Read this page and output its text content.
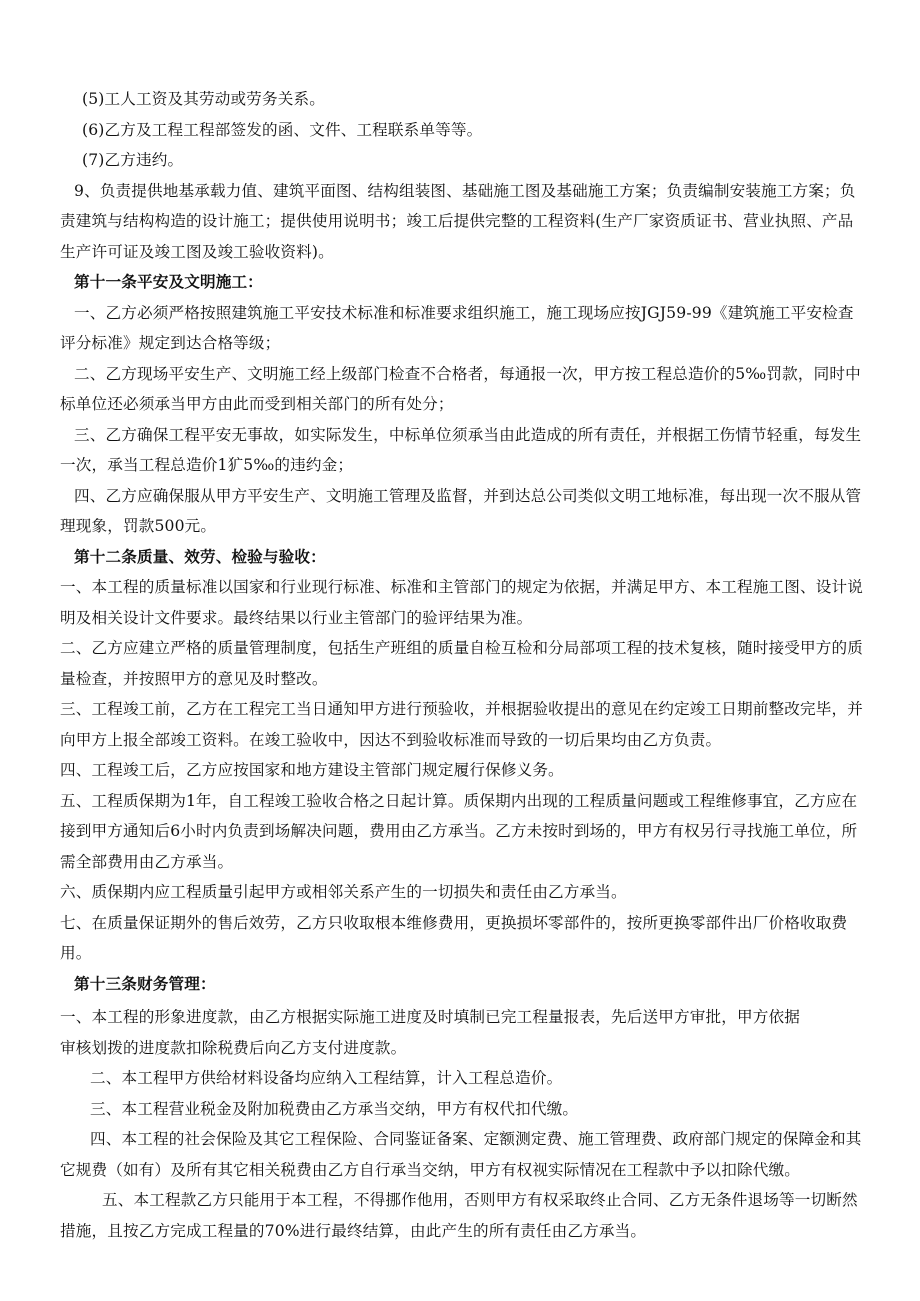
(5)工人工资及其劳动或劳务关系。

(6)乙方及工程工程部签发的函、文件、工程联系单等等。

(7)乙方违约。

9、负责提供地基承载力值、建筑平面图、结构组装图、基础施工图及基础施工方案；负责编制安装施工方案；负责建筑与结构构造的设计施工；提供使用说明书；竣工后提供完整的工程资料(生产厂家资质证书、营业执照、产品生产许可证及竣工图及竣工验收资料)。

第十一条平安及文明施工：

一、乙方必须严格按照建筑施工平安技术标准和标准要求组织施工，施工现场应按JGJ59-99《建筑施工平安检查评分标准》规定到达合格等级；

二、乙方现场平安生产、文明施工经上级部门检查不合格者，每通报一次，甲方按工程总造价的5‰罚款，同时中标单位还必须承当甲方由此而受到相关部门的所有处分；

三、乙方确保工程平安无事故，如实际发生，中标单位须承当由此造成的所有责任，并根据工伤情节轻重，每发生一次，承当工程总造价1犷5‰的违约金；

四、乙方应确保服从甲方平安生产、文明施工管理及监督，并到达总公司类似文明工地标准，每出现一次不服从管理现象，罚款500元。

第十二条质量、效劳、检验与验收：

一、本工程的质量标准以国家和行业现行标准、标准和主管部门的规定为依据，并满足甲方、本工程施工图、设计说明及相关设计文件要求。最终结果以行业主管部门的验评结果为准。

二、乙方应建立严格的质量管理制度，包括生产班组的质量自检互检和分局部项工程的技术复核，随时接受甲方的质量检查，并按照甲方的意见及时整改。

三、工程竣工前，乙方在工程完工当日通知甲方进行预验收，并根据验收提出的意见在约定竣工日期前整改完毕，并向甲方上报全部竣工资料。在竣工验收中，因达不到验收标准而导致的一切后果均由乙方负责。

四、工程竣工后，乙方应按国家和地方建设主管部门规定履行保修义务。

五、工程质保期为1年，自工程竣工验收合格之日起计算。质保期内出现的工程质量问题或工程维修事宜，乙方应在接到甲方通知后6小时内负责到场解决问题，费用由乙方承当。乙方未按时到场的，甲方有权另行寻找施工单位，所需全部费用由乙方承当。

六、质保期内应工程质量引起甲方或相邻关系产生的一切损失和责任由乙方承当。

七、在质量保证期外的售后效劳，乙方只收取根本维修费用，更换损坏零部件的，按所更换零部件出厂价格收取费用。

第十三条财务管理：

一、本工程的形象进度款，由乙方根据实际施工进度及时填制已完工程量报表，先后送甲方审批，甲方依据

审核划拨的进度款扣除税费后向乙方支付进度款。

二、本工程甲方供给材料设备均应纳入工程结算，计入工程总造价。

三、本工程营业税金及附加税费由乙方承当交纳，甲方有权代扣代缴。

四、本工程的社会保险及其它工程保险、合同鉴证备案、定额测定费、施工管理费、政府部门规定的保障金和其它规费（如有）及所有其它相关税费由乙方自行承当交纳，甲方有权视实际情况在工程款中予以扣除代缴。

五、本工程款乙方只能用于本工程，不得挪作他用，否则甲方有权采取终止合同、乙方无条件退场等一切断然措施，且按乙方完成工程量的70%进行最终结算，由此产生的所有责任由乙方承当。
